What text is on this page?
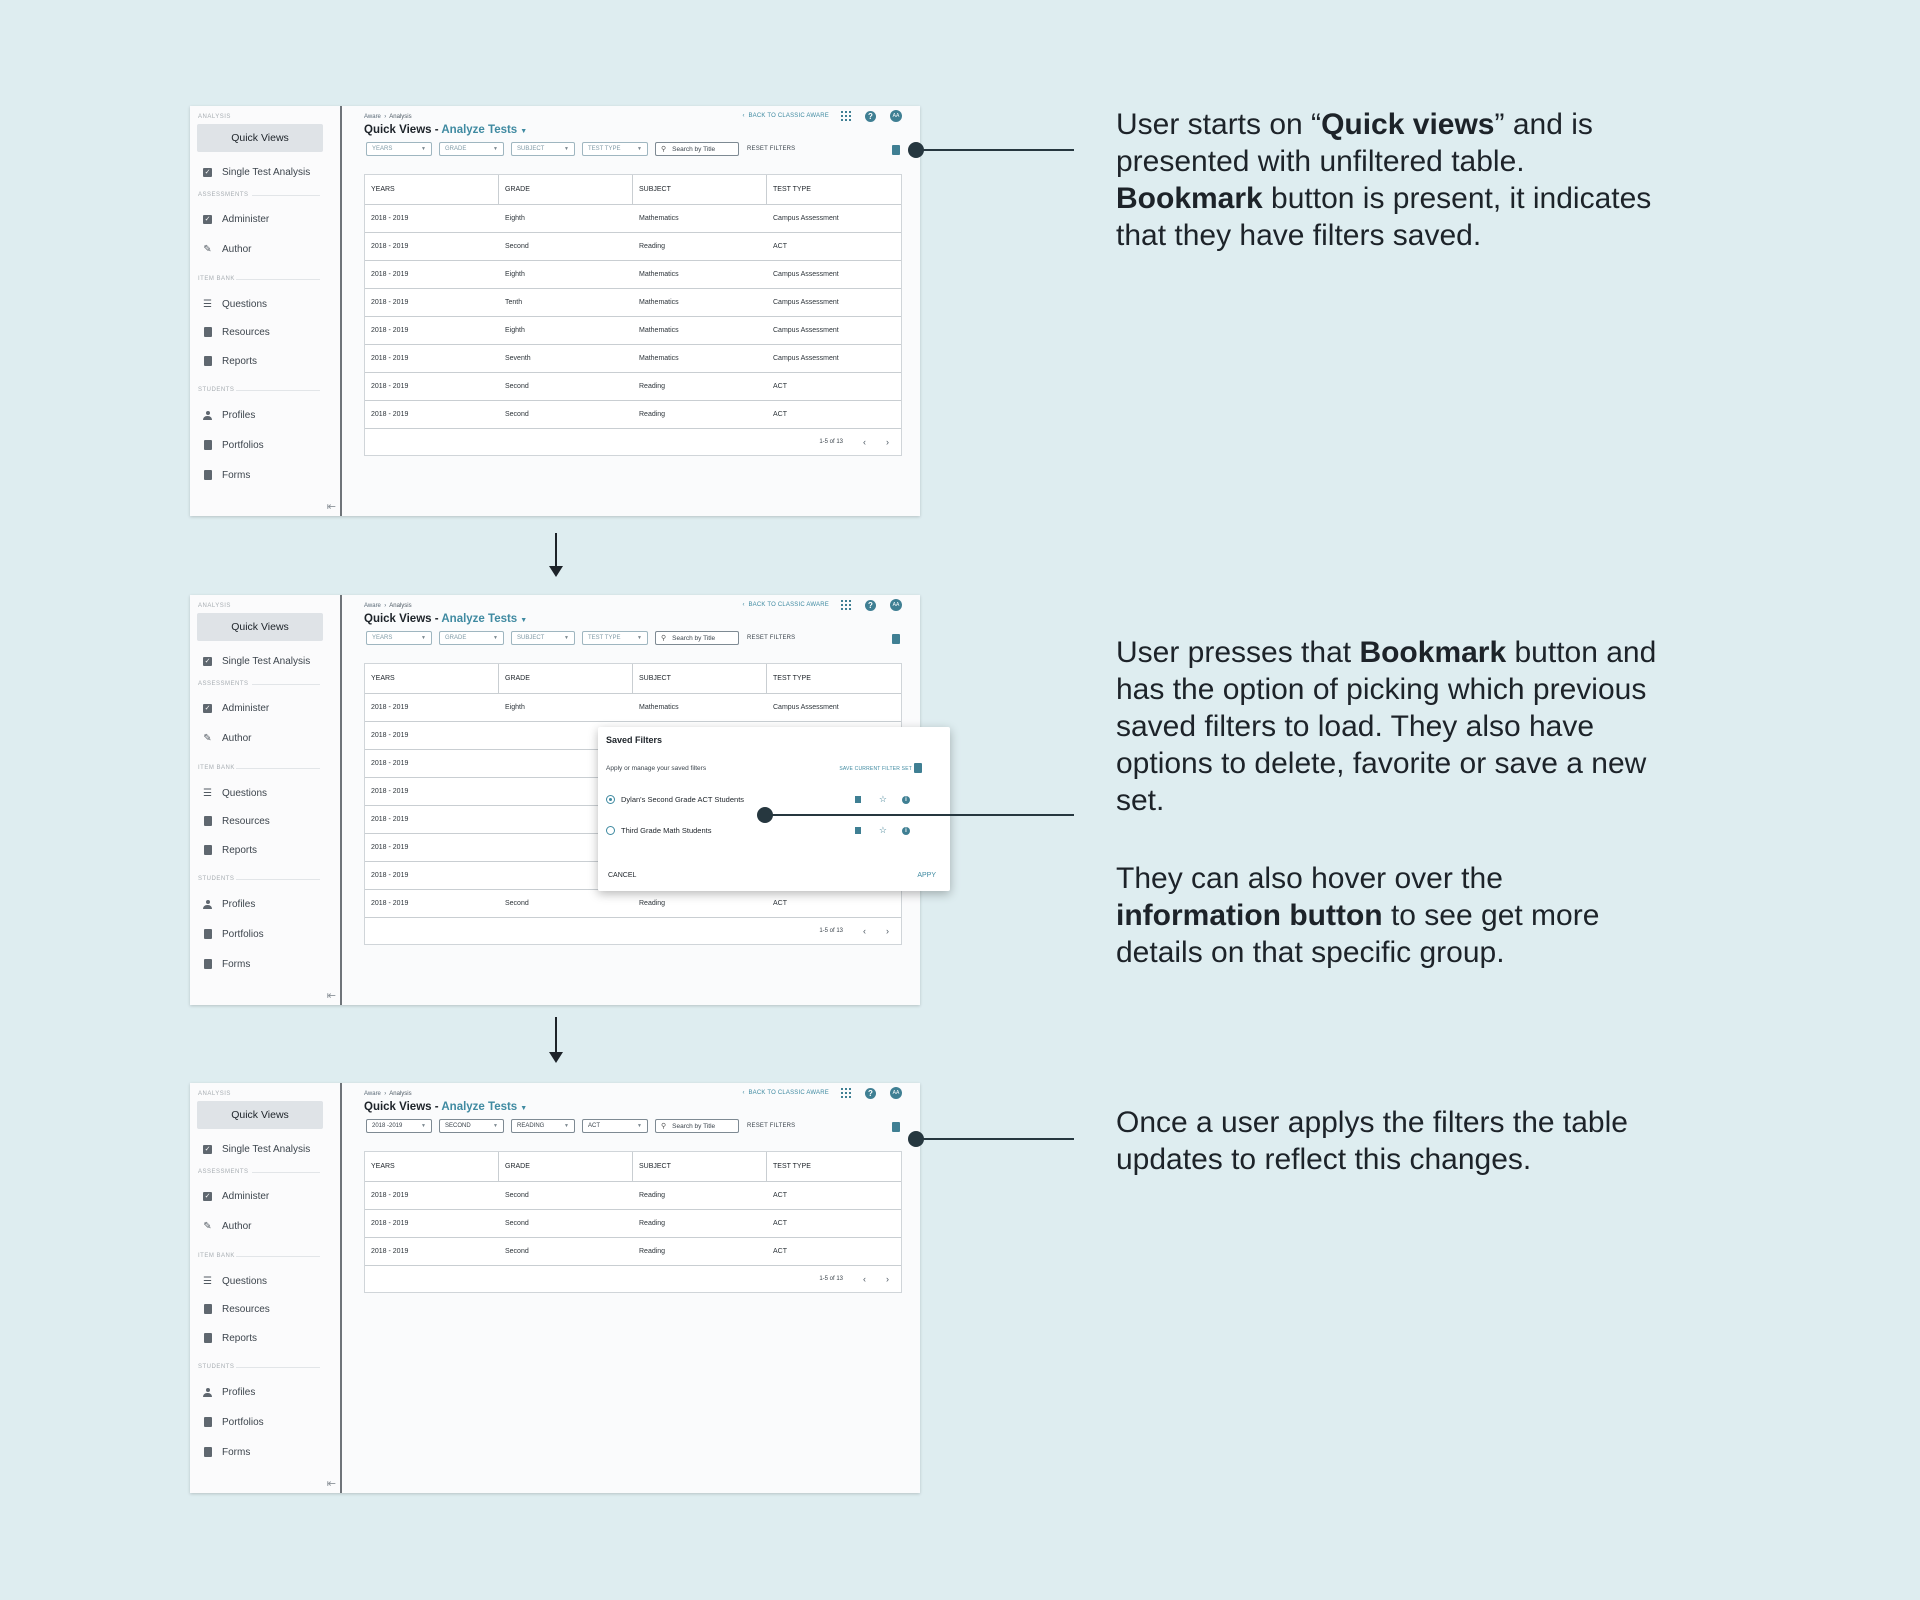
ANALYSIS
Quick Views
✓ Single Test Analysis
ASSESSMENTS
✓ Administer
✎ Author
ITEM BANK
☰ Questions
Resources
Reports
STUDENTS
Profiles
Portfolios
Forms
⇤
Aware  ›  Analysis
Quick Views - Analyze Tests ▼
‹  BACK TO CLASSIC AWARE	?	AA
YEARS	▼	GRADE	▼	SUBJECT	▼	TEST TYPE	▼	⚲ Search by Title	RESET FILTERS
YEARS	GRADE	SUBJECT	TEST TYPE
2018 - 2019	Eighth	Mathematics	Campus Assessment
2018 - 2019	Second	Reading	ACT
2018 - 2019	Eighth	Mathematics	Campus Assessment
2018 - 2019	Tenth	Mathematics	Campus Assessment
2018 - 2019	Eighth	Mathematics	Campus Assessment
2018 - 2019	Seventh	Mathematics	Campus Assessment
2018 - 2019	Second	Reading	ACT
2018 - 2019	Second	Reading	ACT
1-5 of 13 ‹ ›
ANALYSIS
Quick Views
✓ Single Test Analysis
ASSESSMENTS
✓ Administer
✎ Author
ITEM BANK
☰ Questions
Resources
Reports
STUDENTS
Profiles
Portfolios
Forms
⇤
Aware  ›  Analysis
Quick Views - Analyze Tests ▼
‹  BACK TO CLASSIC AWARE	?	AA
YEARS	▼	GRADE	▼	SUBJECT	▼	TEST TYPE	▼	⚲ Search by Title	RESET FILTERS
YEARS	GRADE	SUBJECT	TEST TYPE
2018 - 2019	Eighth	Mathematics	Campus Assessment
2018 - 2019
2018 - 2019
2018 - 2019
2018 - 2019
2018 - 2019
2018 - 2019
2018 - 2019	Second	Reading	ACT
1-5 of 13 ‹ ›
Saved Filters
Apply or manage your saved filters	SAVE CURRENT FILTER SET
Dylan's Second Grade ACT Students	☆	i
Third Grade Math Students	☆	i
CANCEL	APPY
ANALYSIS
Quick Views
✓ Single Test Analysis
ASSESSMENTS
✓ Administer
✎ Author
ITEM BANK
☰ Questions
Resources
Reports
STUDENTS
Profiles
Portfolios
Forms
⇤
Aware  ›  Analysis
Quick Views - Analyze Tests ▼
‹  BACK TO CLASSIC AWARE	?	AA
2018 -2019	▼	SECOND	▼	READING	▼	ACT	▼	⚲ Search by Title	RESET FILTERS
YEARS	GRADE	SUBJECT	TEST TYPE
2018 - 2019	Second	Reading	ACT
2018 - 2019	Second	Reading	ACT
2018 - 2019	Second	Reading	ACT
1-5 of 13 ‹ ›
User starts on “Quick views” and is presented with unfiltered table. Bookmark button is present, it indicates that they have filters saved.
User presses that Bookmark button and has the option of picking which previous saved filters to load. They also have options to delete, favorite or save a new set.
They can also hover over the information button to see get more details on that specific group.
Once a user applys the filters the table updates to reflect this changes.
